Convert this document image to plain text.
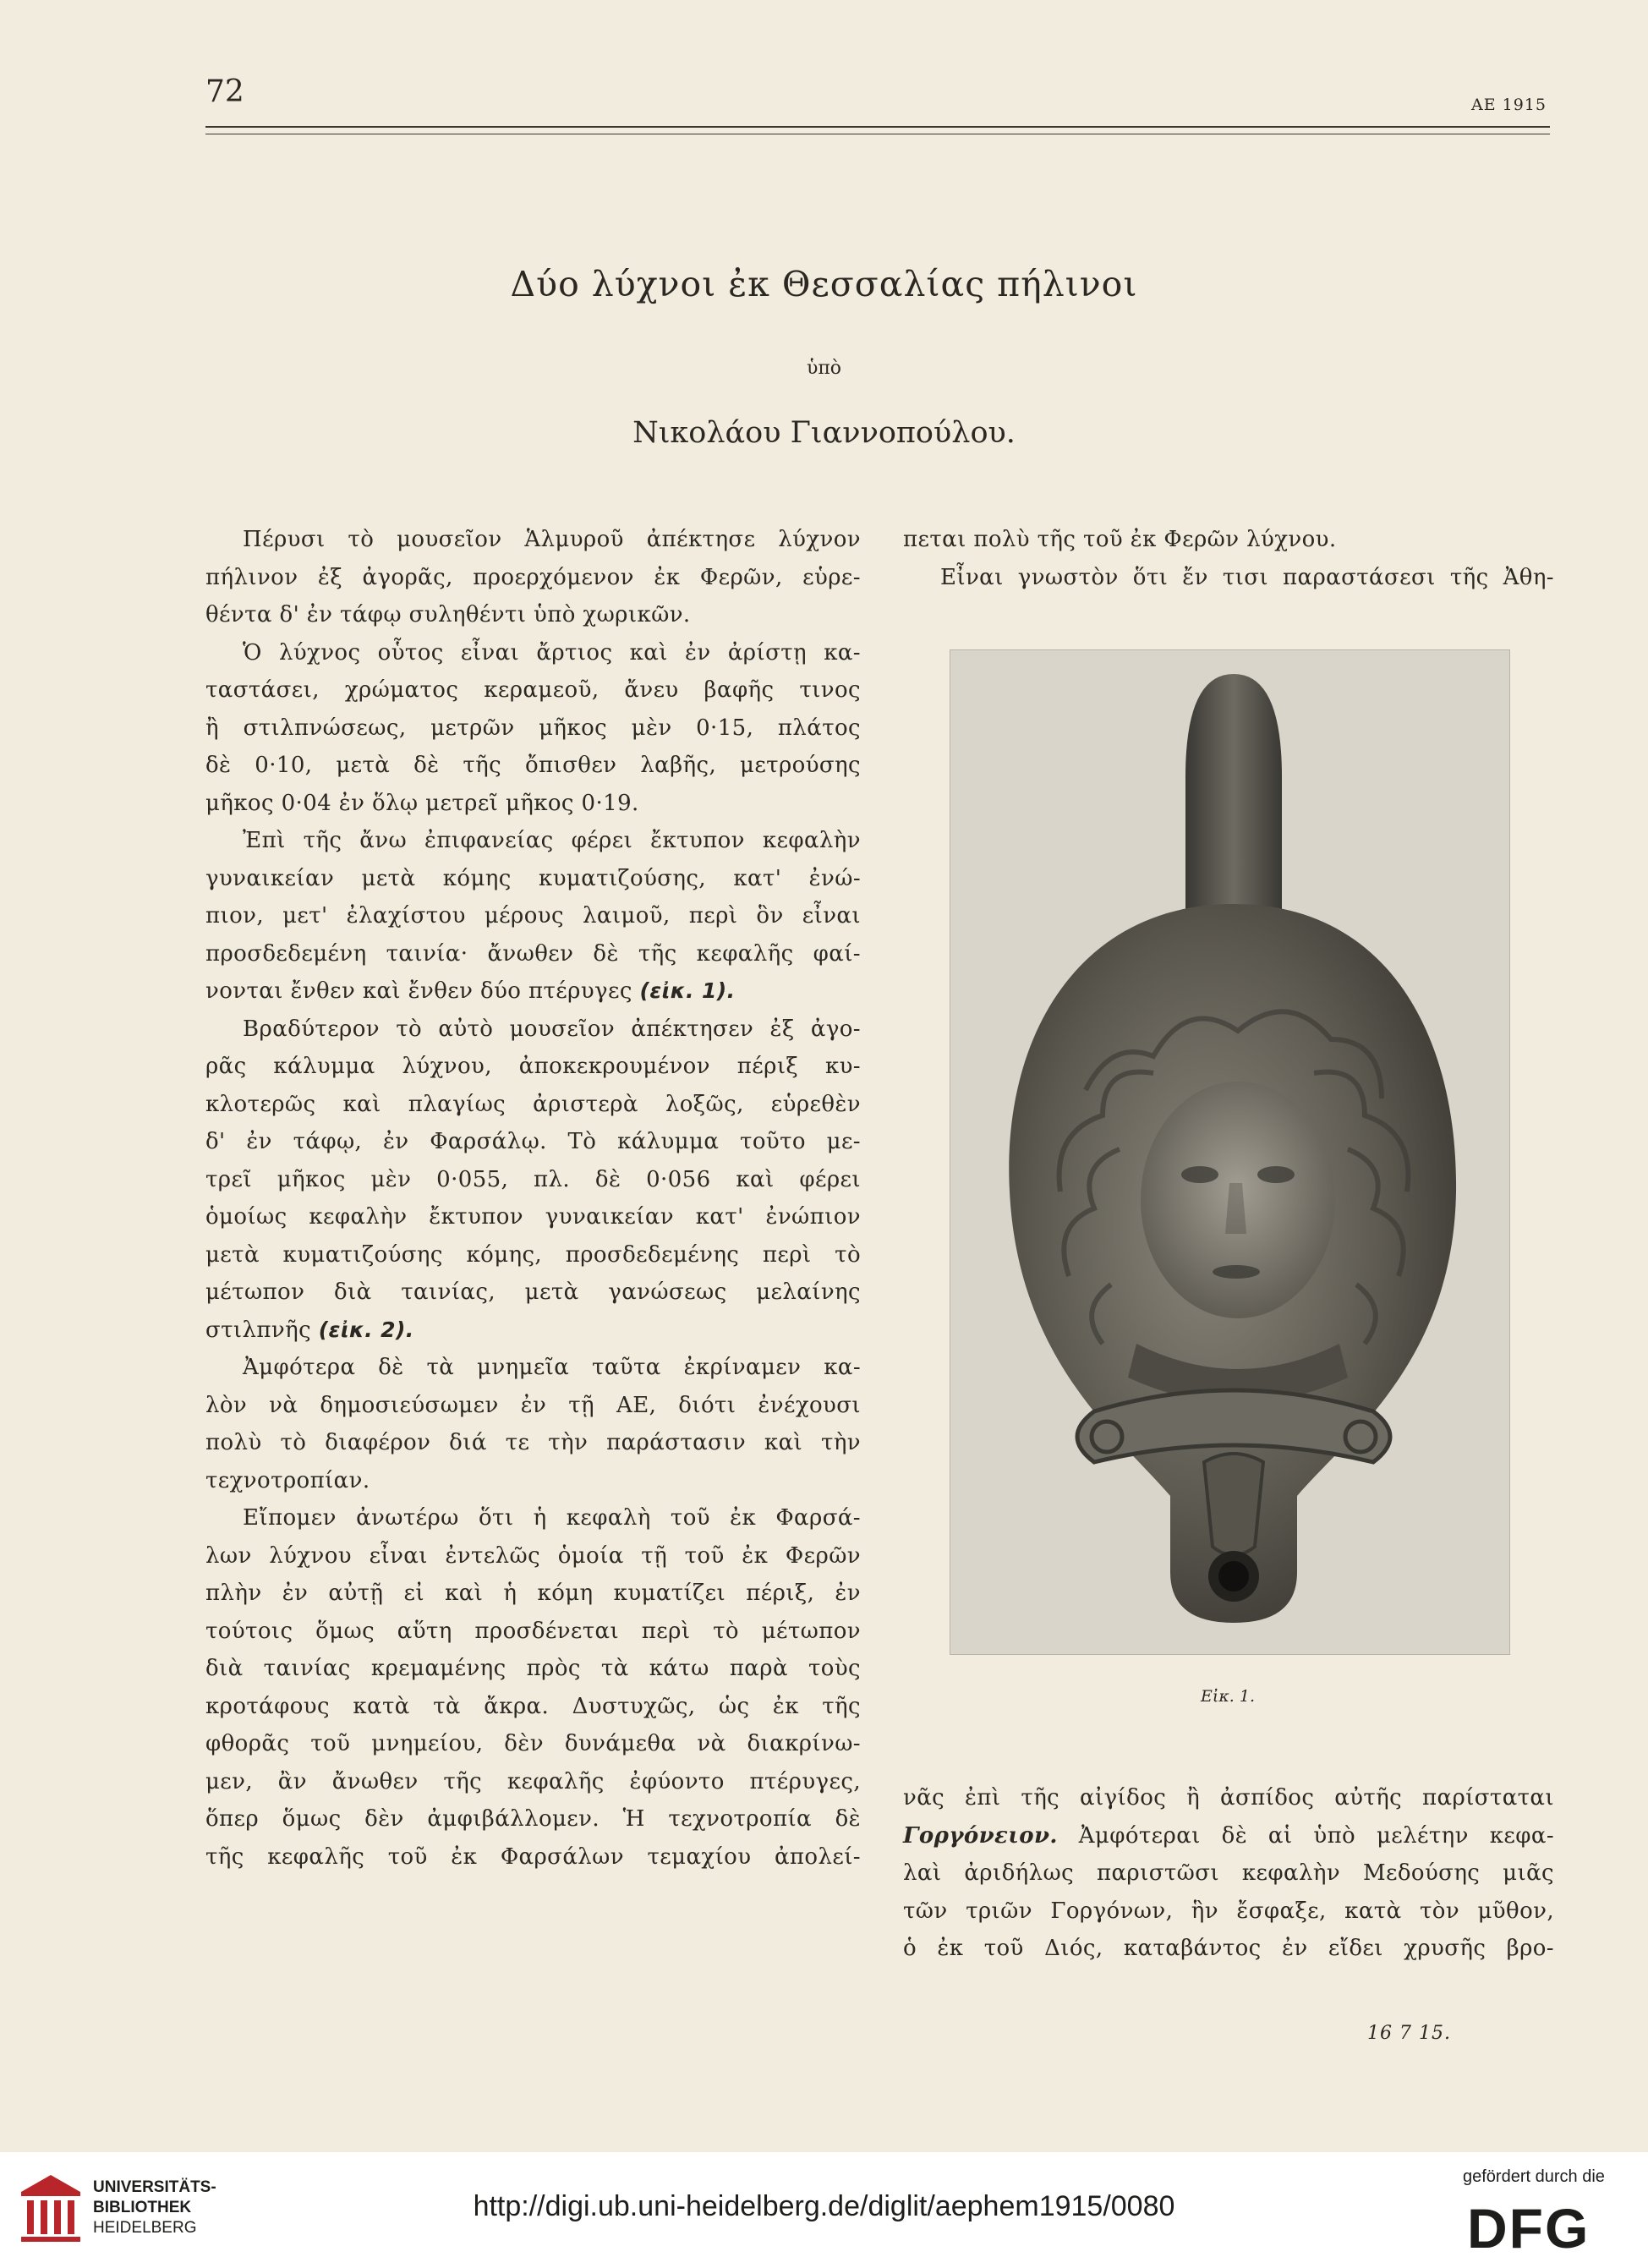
72	ΑΕ 1915
Δύο λύχνοι ἐκ Θεσσαλίας πήλινοι
ὑπὸ
Νικολάου Γιαννοπούλου.
Πέρυσι τὸ μουσεῖον Ἁλμυροῦ ἀπέκτησε λύχνον
πήλινον ἐξ ἀγορᾶς, προερχόμενον ἐκ Φερῶν, εὑρε-
θέντα δ' ἐν τάφῳ συληθέντι ὑπὸ χωρικῶν.
Ὁ λύχνος οὗτος εἶναι ἄρτιος καὶ ἐν ἀρίστῃ κα-
ταστάσει, χρώματος κεραμεοῦ, ἄνευ βαφῆς τινος
ἢ στιλπνώσεως, μετρῶν μῆκος μὲν 0·15, πλάτος
δὲ 0·10, μετὰ δὲ τῆς ὄπισθεν λαβῆς, μετρούσης
μῆκος 0·04 ἐν ὅλῳ μετρεῖ μῆκος 0·19.
Ἐπὶ τῆς ἄνω ἐπιφανείας φέρει ἔκτυπον κεφαλὴν
γυναικείαν μετὰ κόμης κυματιζούσης, κατ' ἐνώ-
πιον, μετ' ἐλαχίστου μέρους λαιμοῦ, περὶ ὃν εἶναι
προσδεδεμένη ταινία· ἄνωθεν δὲ τῆς κεφαλῆς φαί-
νονται ἔνθεν καὶ ἔνθεν δύο πτέρυγες (εἰκ. 1).
Βραδύτερον τὸ αὐτὸ μουσεῖον ἀπέκτησεν ἐξ ἀγο-
ρᾶς κάλυμμα λύχνου, ἀποκεκρουμένον πέριξ κυ-
κλοτερῶς καὶ πλαγίως ἀριστερὰ λοξῶς, εὑρεθὲν
δ' ἐν τάφῳ, ἐν Φαρσάλῳ. Τὸ κάλυμμα τοῦτο με-
τρεῖ μῆκος μὲν 0·055, πλ. δὲ 0·056 καὶ φέρει
ὁμοίως κεφαλὴν ἔκτυπον γυναικείαν κατ' ἐνώπιον
μετὰ κυματιζούσης κόμης, προσδεδεμένης περὶ τὸ
μέτωπον διὰ ταινίας, μετὰ γανώσεως μελαίνης
στιλπνῆς (εἰκ. 2).
Ἀμφότερα δὲ τὰ μνημεῖα ταῦτα ἐκρίναμεν κα-
λὸν νὰ δημοσιεύσωμεν ἐν τῇ ΑΕ, διότι ἐνέχουσι
πολὺ τὸ διαφέρον διά τε τὴν παράστασιν καὶ τὴν
τεχνοτροπίαν.
Εἴπομεν ἀνωτέρω ὅτι ἡ κεφαλὴ τοῦ ἐκ Φαρσά-
λων λύχνου εἶναι ἐντελῶς ὁμοία τῇ τοῦ ἐκ Φερῶν
πλὴν ἐν αὐτῇ εἰ καὶ ἡ κόμη κυματίζει πέριξ, ἐν
τούτοις ὅμως αὕτη προσδένεται περὶ τὸ μέτωπον
διὰ ταινίας κρεμαμένης πρὸς τὰ κάτω παρὰ τοὺς
κροτάφους κατὰ τὰ ἄκρα. Δυστυχῶς, ὡς ἐκ τῆς
φθορᾶς τοῦ μνημείου, δὲν δυνάμεθα νὰ διακρίνω-
μεν, ἂν ἄνωθεν τῆς κεφαλῆς ἐφύοντο πτέρυγες,
ὅπερ ὅμως δὲν ἀμφιβάλλομεν. Ἡ τεχνοτροπία δὲ
τῆς κεφαλῆς τοῦ ἐκ Φαρσάλων τεμαχίου ἀπολεί-
πεται πολὺ τῆς τοῦ ἐκ Φερῶν λύχνου.
Εἶναι γνωστὸν ὅτι ἔν τισι παραστάσεσι τῆς Ἀθη-
Εἰκ. 1.
νᾶς ἐπὶ τῆς αἰγίδος ἢ ἀσπίδος αὐτῆς παρίσταται
Γοργόνειον. Ἀμφότεραι δὲ αἱ ὑπὸ μελέτην κεφα-
λαὶ ἀριδήλως παριστῶσι κεφαλὴν Μεδούσης μιᾶς
τῶν τριῶν Γοργόνων, ἣν ἔσφαξε, κατὰ τὸν μῦθον,
ὁ ἐκ τοῦ Διός, καταβάντος ἐν εἴδει χρυσῆς βρο-
16 7 15.
UNIVERSITÄTS-
BIBLIOTHEK
HEIDELBERG
http://digi.ub.uni-heidelberg.de/diglit/aephem1915/0080
gefördert durch die
DFG
